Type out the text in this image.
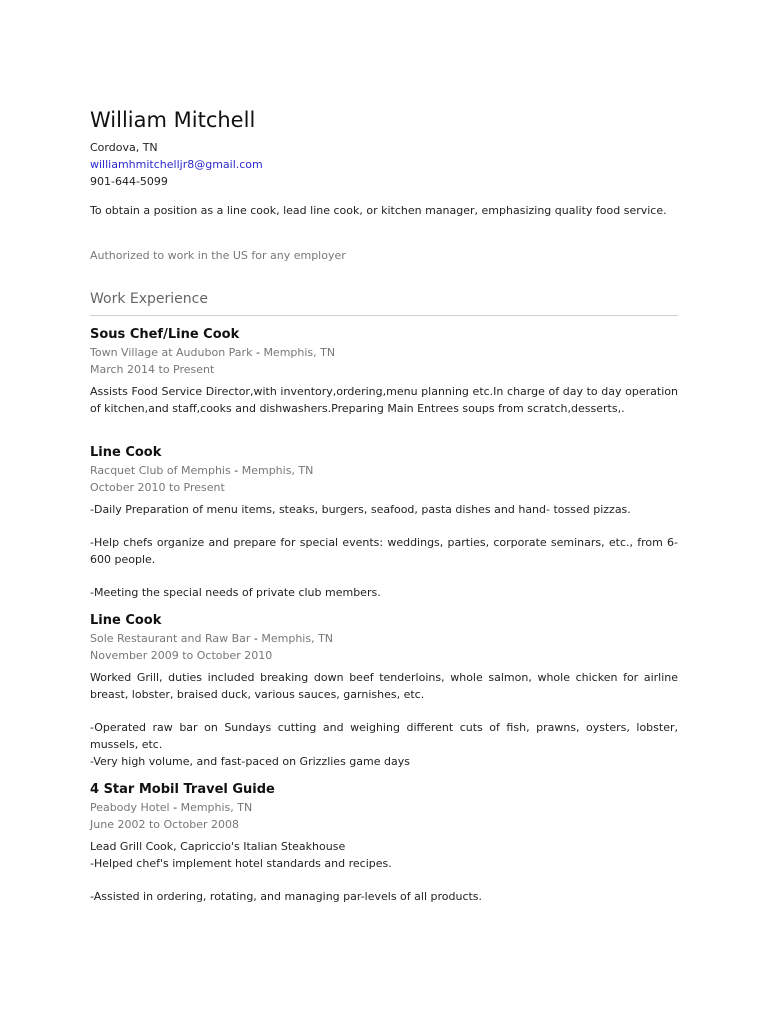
William Mitchell
Cordova, TN
williamhmitchelljr8@gmail.com
901-644-5099
To obtain a position as a line cook, lead line cook, or kitchen manager, emphasizing quality food service.
Authorized to work in the US for any employer
Work Experience
Sous Chef/Line Cook
Town Village at Audubon Park - Memphis, TN
March 2014 to Present

Assists Food Service Director,with inventory,ordering,menu planning etc.In charge of day to day operation of kitchen,and staff,cooks and dishwashers.Preparing Main Entrees soups from scratch,desserts,.

Line Cook
Racquet Club of Memphis - Memphis, TN
October 2010 to Present

-Daily Preparation of menu items, steaks, burgers, seafood, pasta dishes and hand- tossed pizzas.

-Help chefs organize and prepare for special events: weddings, parties, corporate seminars, etc., from 6-600 people.

-Meeting the special needs of private club members.

Line Cook
Sole Restaurant and Raw Bar - Memphis, TN
November 2009 to October 2010

Worked Grill, duties included breaking down beef tenderloins, whole salmon, whole chicken for airline breast, lobster, braised duck, various sauces, garnishes, etc.

-Operated raw bar on Sundays cutting and weighing different cuts of fish, prawns, oysters, lobster, mussels, etc.

-Very high volume, and fast-paced on Grizzlies game days

4 Star Mobil Travel Guide
Peabody Hotel - Memphis, TN
June 2002 to October 2008

Lead Grill Cook, Capriccio's Italian Steakhouse

-Helped chef's implement hotel standards and recipes.

-Assisted in ordering, rotating, and managing par-levels of all products.
